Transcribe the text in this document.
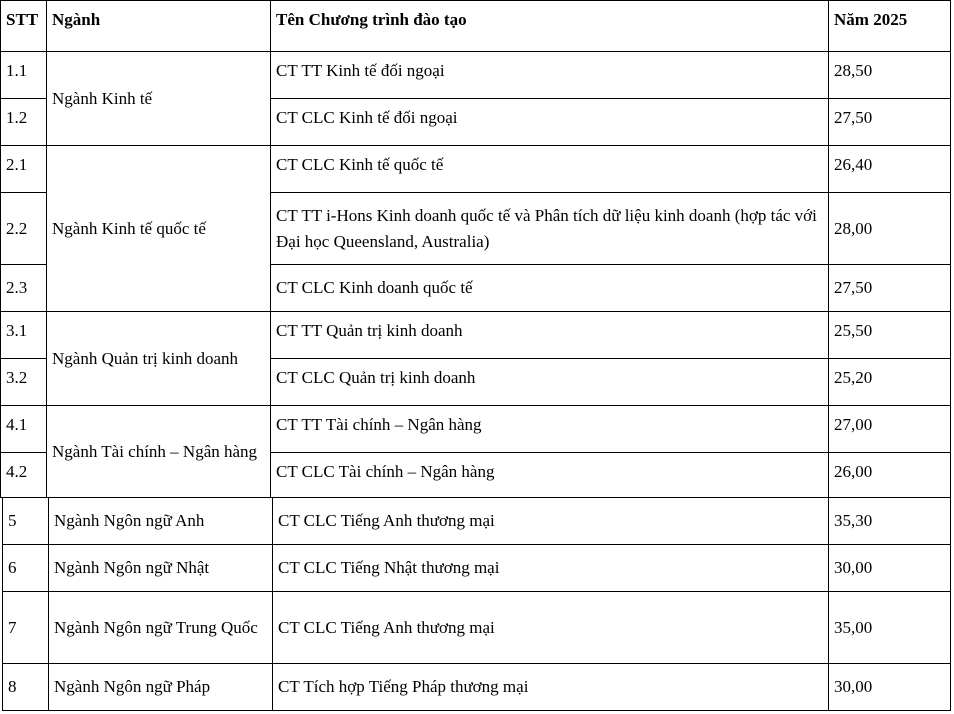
STT	Ngành	Tên Chương trình đào tạo	Năm 2025
1.1	Ngành Kinh tế	CT TT Kinh tế đối ngoại	28,50
1.2		CT CLC Kinh tế đối ngoại	27,50
2.1	Ngành Kinh tế quốc tế	CT CLC Kinh tế quốc tế	26,40
2.2		CT TT i-Hons Kinh doanh quốc tế và Phân tích dữ liệu kinh doanh (hợp tác với Đại học Queensland, Australia)	28,00
2.3		CT CLC Kinh doanh quốc tế	27,50
3.1	Ngành Quản trị kinh doanh	CT TT Quản trị kinh doanh	25,50
3.2		CT CLC Quản trị kinh doanh	25,20
4.1	Ngành Tài chính – Ngân hàng	CT TT Tài chính – Ngân hàng	27,00
4.2		CT CLC Tài chính – Ngân hàng	26,00
5	Ngành Ngôn ngữ Anh	CT CLC Tiếng Anh thương mại	35,30
6	Ngành Ngôn ngữ Nhật	CT CLC Tiếng Nhật thương mại	30,00
7	Ngành Ngôn ngữ Trung Quốc	CT CLC Tiếng Anh thương mại	35,00
8	Ngành Ngôn ngữ Pháp	CT Tích hợp Tiếng Pháp thương mại	30,00
